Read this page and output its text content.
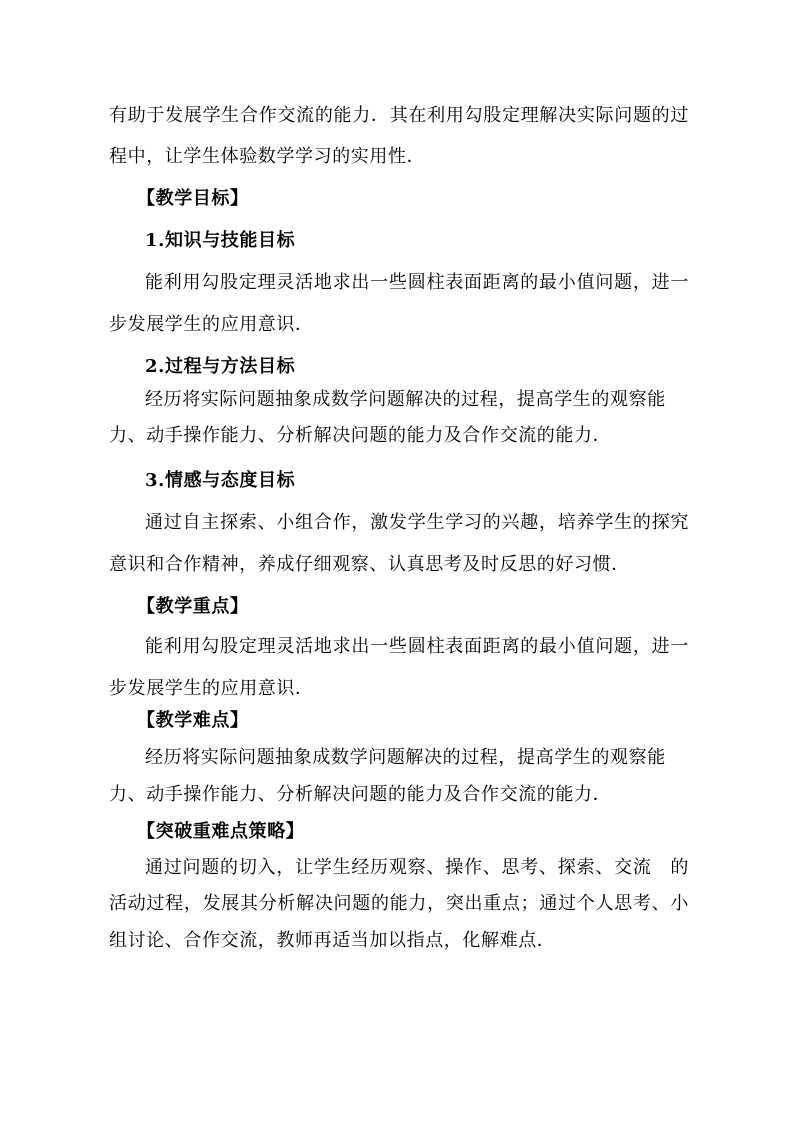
有助于发展学生合作交流的能力．其在利用勾股定理解决实际问题的过
程中，让学生体验数学学习的实用性．
【教学目标】
1.知识与技能目标
能利用勾股定理灵活地求出一些圆柱表面距离的最小值问题，进一
步发展学生的应用意识．
2.过程与方法目标
经历将实际问题抽象成数学问题解决的过程，提高学生的观察能
力、动手操作能力、分析解决问题的能力及合作交流的能力．
3.情感与态度目标
通过自主探索、小组合作，激发学生学习的兴趣，培养学生的探究
意识和合作精神，养成仔细观察、认真思考及时反思的好习惯．
【教学重点】
能利用勾股定理灵活地求出一些圆柱表面距离的最小值问题，进一
步发展学生的应用意识．
【教学难点】
经历将实际问题抽象成数学问题解决的过程，提高学生的观察能
力、动手操作能力、分析解决问题的能力及合作交流的能力．
【突破重难点策略】
通过问题的切入，让学生经历观察、操作、思考、探索、交流　的
活动过程，发展其分析解决问题的能力，突出重点；通过个人思考、小
组讨论、合作交流，教师再适当加以指点，化解难点．
